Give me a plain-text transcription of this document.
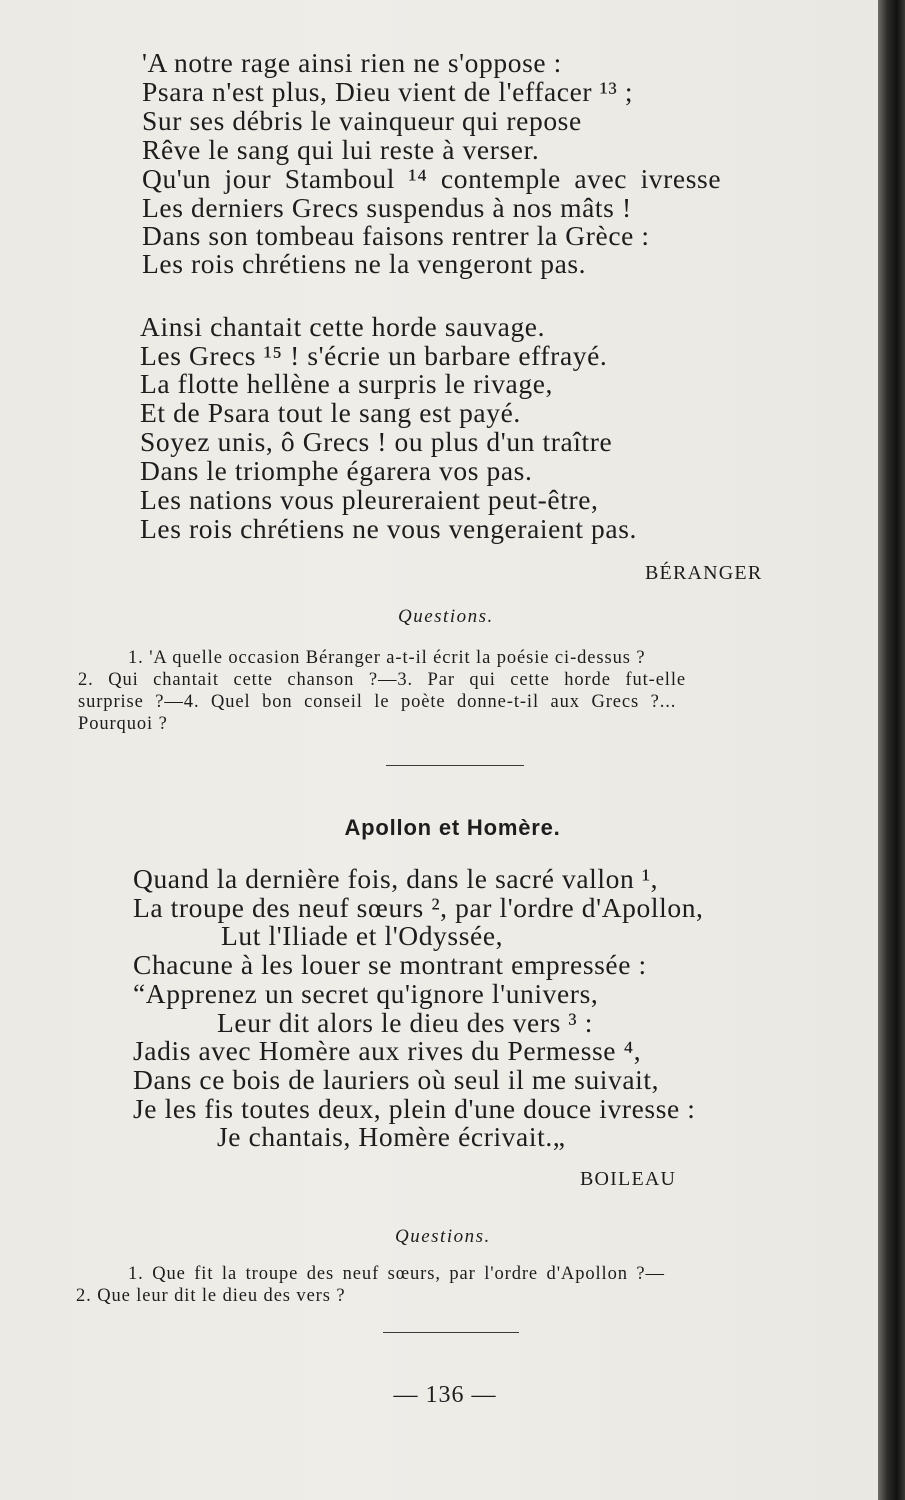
'A notre rage ainsi rien ne s'oppose :
Psara n'est plus, Dieu vient de l'effacer ¹³ ;
Sur ses débris le vainqueur qui repose
Rêve le sang qui lui reste à verser.
Qu'un jour Stamboul ¹⁴ contemple avec ivresse
Les derniers Grecs suspendus à nos mâts !
Dans son tombeau faisons rentrer la Grèce :
Les rois chrétiens ne la vengeront pas.
Ainsi chantait cette horde sauvage.
Les Grecs ¹⁵ ! s'écrie un barbare effrayé.
La flotte hellène a surpris le rivage,
Et de Psara tout le sang est payé.
Soyez unis, ô Grecs ! ou plus d'un traître
Dans le triomphe égarera vos pas.
Les nations vous pleureraient peut-être,
Les rois chrétiens ne vous vengeraient pas.
BÉRANGER
Questions.
1. 'A quelle occasion Béranger a-t-il écrit la poésie ci-dessus ?
2. Qui chantait cette chanson ?—3. Par qui cette horde fut-elle
surprise ?—4. Quel bon conseil le poète donne-t-il aux Grecs ?...
Pourquoi ?
Apollon et Homère.
Quand la dernière fois, dans le sacré vallon ¹,
La troupe des neuf sœurs ², par l'ordre d'Apollon,
Lut l'Iliade et l'Odyssée,
Chacune à les louer se montrant empressée :
“Apprenez un secret qu'ignore l'univers,
Leur dit alors le dieu des vers ³ :
Jadis avec Homère aux rives du Permesse ⁴,
Dans ce bois de lauriers où seul il me suivait,
Je les fis toutes deux, plein d'une douce ivresse :
Je chantais, Homère écrivait.„
BOILEAU
Questions.
1. Que fit la troupe des neuf sœurs, par l'ordre d'Apollon ?—
2. Que leur dit le dieu des vers ?
— 136 —
